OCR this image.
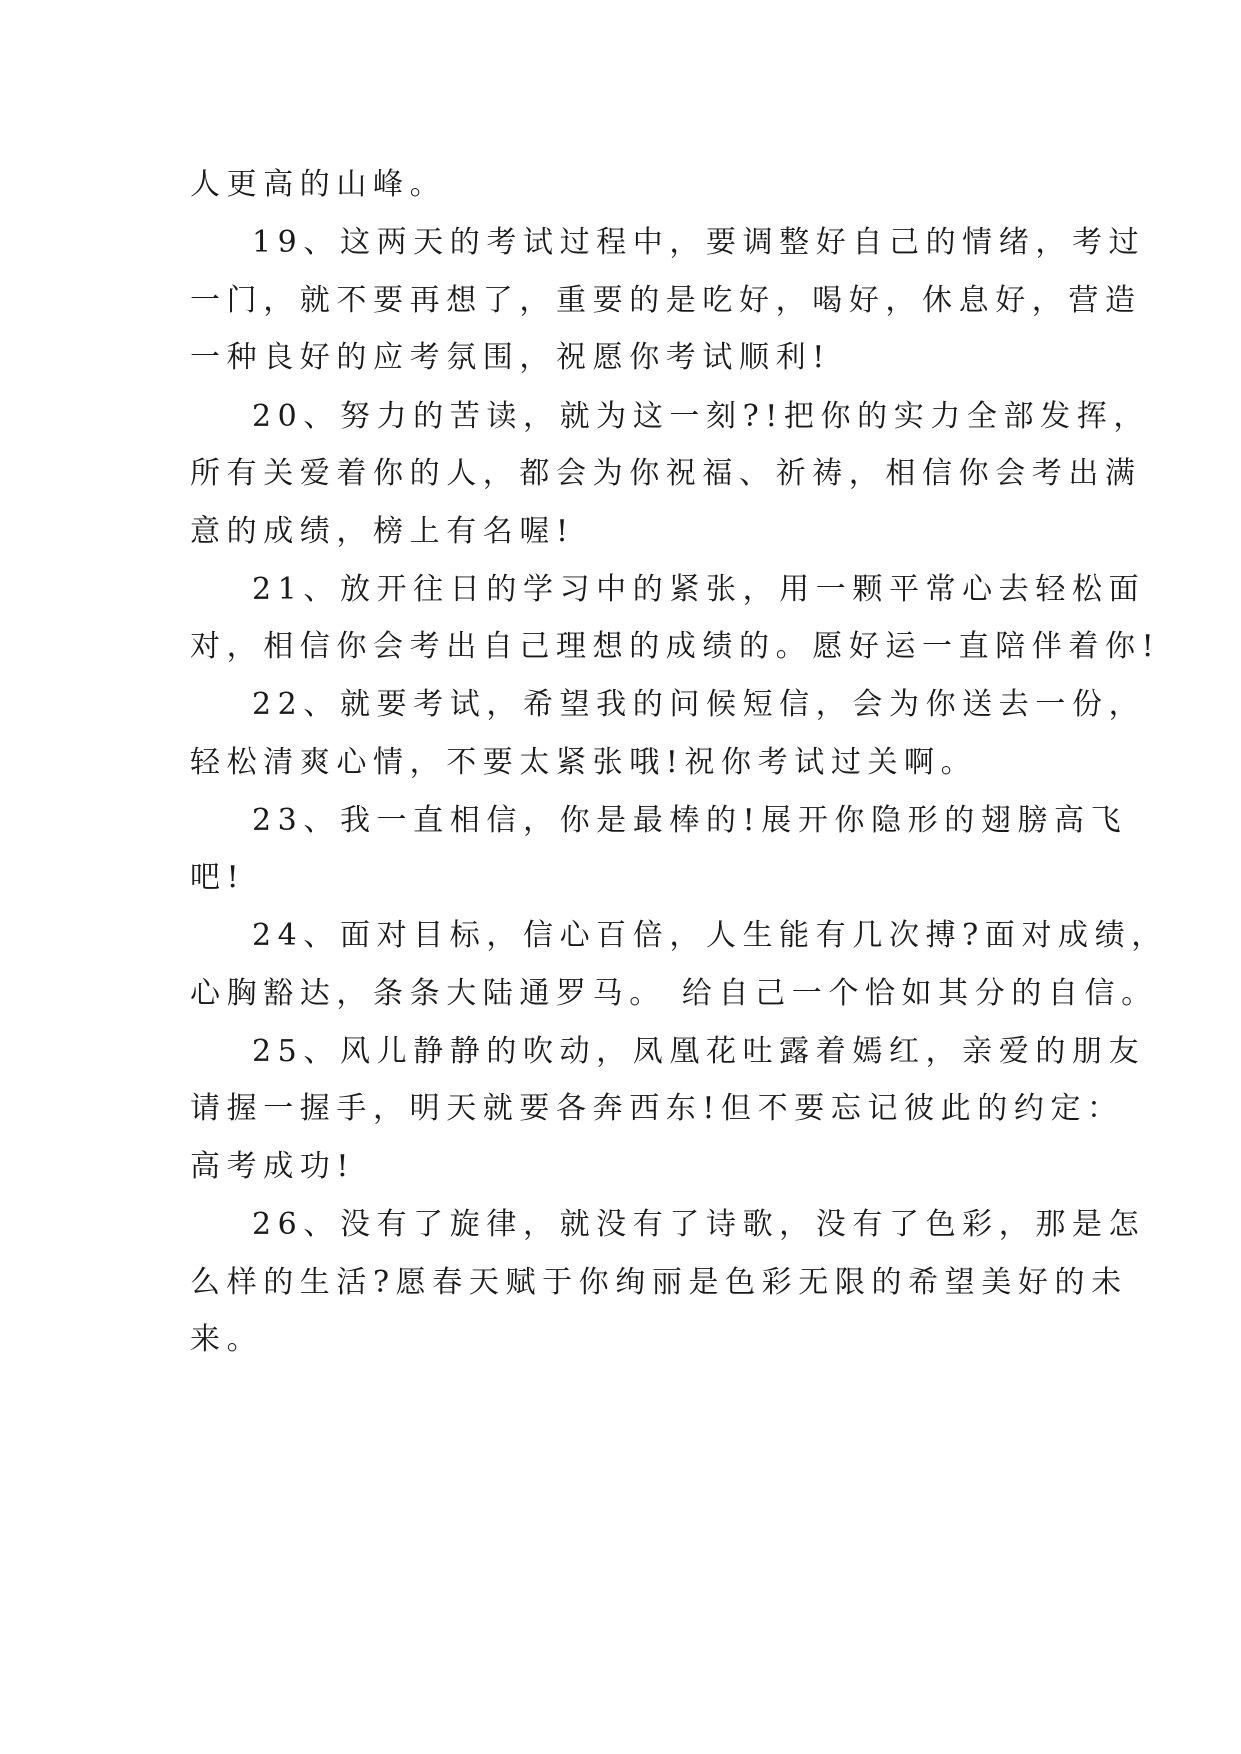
人更高的山峰。
19、这两天的考试过程中，要调整好自己的情绪，考过
一门，就不要再想了，重要的是吃好，喝好，休息好，营造
一种良好的应考氛围，祝愿你考试顺利!
20、努力的苦读，就为这一刻?!把你的实力全部发挥，
所有关爱着你的人，都会为你祝福、祈祷，相信你会考出满
意的成绩，榜上有名喔!
21、放开往日的学习中的紧张，用一颗平常心去轻松面
对，相信你会考出自己理想的成绩的。愿好运一直陪伴着你!
22、就要考试，希望我的问候短信，会为你送去一份，
轻松清爽心情，不要太紧张哦!祝你考试过关啊。
23、我一直相信，你是最棒的!展开你隐形的翅膀高飞
吧!
24、面对目标，信心百倍，人生能有几次搏?面对成绩，
心胸豁达，条条大陆通罗马。 给自己一个恰如其分的自信。
25、风儿静静的吹动，凤凰花吐露着嫣红，亲爱的朋友
请握一握手，明天就要各奔西东!但不要忘记彼此的约定：
高考成功!
26、没有了旋律，就没有了诗歌，没有了色彩，那是怎
么样的生活?愿春天赋于你绚丽是色彩无限的希望美好的未
来。
